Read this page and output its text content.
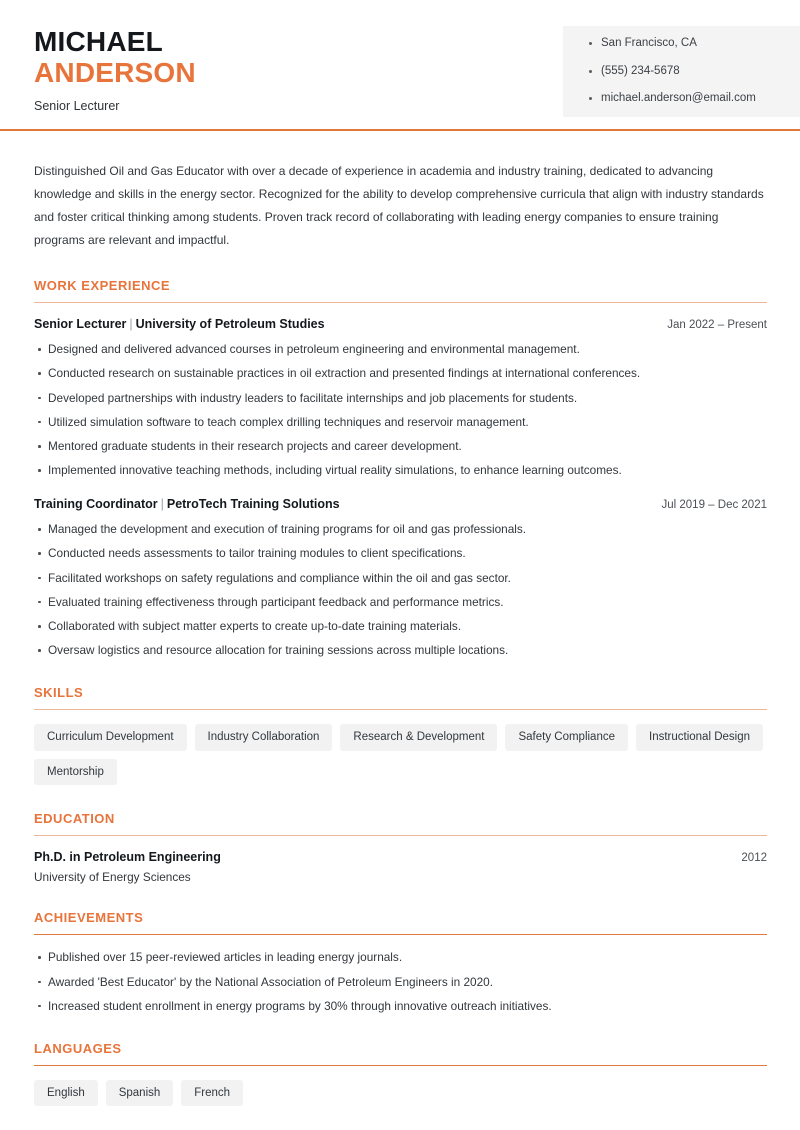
MICHAEL
ANDERSON
Senior Lecturer
San Francisco, CA
(555) 234-5678
michael.anderson@email.com
Distinguished Oil and Gas Educator with over a decade of experience in academia and industry training, dedicated to advancing knowledge and skills in the energy sector. Recognized for the ability to develop comprehensive curricula that align with industry standards and foster critical thinking among students. Proven track record of collaborating with leading energy companies to ensure training programs are relevant and impactful.
WORK EXPERIENCE
Senior Lecturer | University of Petroleum Studies	Jan 2022 – Present
Designed and delivered advanced courses in petroleum engineering and environmental management.
Conducted research on sustainable practices in oil extraction and presented findings at international conferences.
Developed partnerships with industry leaders to facilitate internships and job placements for students.
Utilized simulation software to teach complex drilling techniques and reservoir management.
Mentored graduate students in their research projects and career development.
Implemented innovative teaching methods, including virtual reality simulations, to enhance learning outcomes.
Training Coordinator | PetroTech Training Solutions	Jul 2019 – Dec 2021
Managed the development and execution of training programs for oil and gas professionals.
Conducted needs assessments to tailor training modules to client specifications.
Facilitated workshops on safety regulations and compliance within the oil and gas sector.
Evaluated training effectiveness through participant feedback and performance metrics.
Collaborated with subject matter experts to create up-to-date training materials.
Oversaw logistics and resource allocation for training sessions across multiple locations.
SKILLS
Curriculum Development	Industry Collaboration	Research & Development	Safety Compliance	Instructional Design
Mentorship
EDUCATION
Ph.D. in Petroleum Engineering	2012
University of Energy Sciences
ACHIEVEMENTS
Published over 15 peer-reviewed articles in leading energy journals.
Awarded 'Best Educator' by the National Association of Petroleum Engineers in 2020.
Increased student enrollment in energy programs by 30% through innovative outreach initiatives.
LANGUAGES
English	Spanish	French
